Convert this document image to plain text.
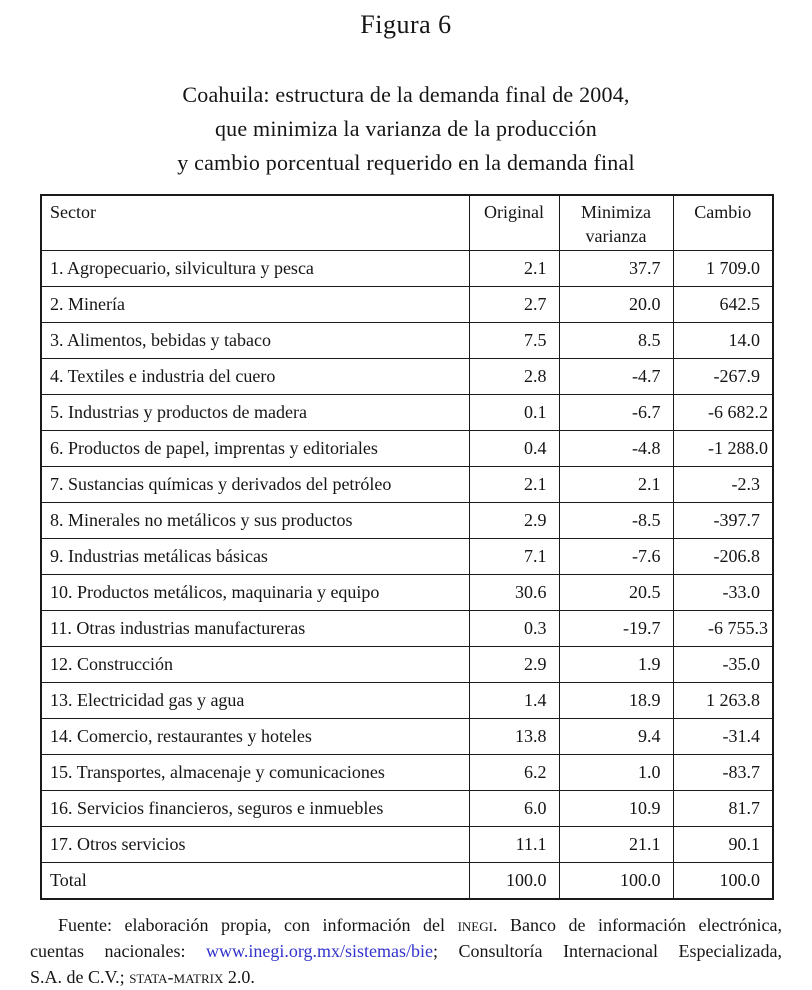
Figura 6
Coahuila: estructura de la demanda final de 2004,
que minimiza la varianza de la producción
y cambio porcentual requerido en la demanda final
Sector	Original	Minimiza varianza	Cambio
1. Agropecuario, silvicultura y pesca	2.1	37.7	1 709.0
2. Minería	2.7	20.0	642.5
3. Alimentos, bebidas y tabaco	7.5	8.5	14.0
4. Textiles e industria del cuero	2.8	-4.7	-267.9
5. Industrias y productos de madera	0.1	-6.7	-6 682.2
6. Productos de papel, imprentas y editoriales	0.4	-4.8	-1 288.0
7. Sustancias químicas y derivados del petróleo	2.1	2.1	-2.3
8. Minerales no metálicos y sus productos	2.9	-8.5	-397.7
9. Industrias metálicas básicas	7.1	-7.6	-206.8
10. Productos metálicos, maquinaria y equipo	30.6	20.5	-33.0
11. Otras industrias manufactureras	0.3	-19.7	-6 755.3
12. Construcción	2.9	1.9	-35.0
13. Electricidad gas y agua	1.4	18.9	1 263.8
14. Comercio, restaurantes y hoteles	13.8	9.4	-31.4
15. Transportes, almacenaje y comunicaciones	6.2	1.0	-83.7
16. Servicios financieros, seguros e inmuebles	6.0	10.9	81.7
17. Otros servicios	11.1	21.1	90.1
Total	100.0	100.0	100.0
Fuente: elaboración propia, con información del inegi. Banco de información electrónica,
cuentas nacionales: www.inegi.org.mx/sistemas/bie; Consultoría Internacional Especializada,
S.A. de C.V.; stata-matrix 2.0.
